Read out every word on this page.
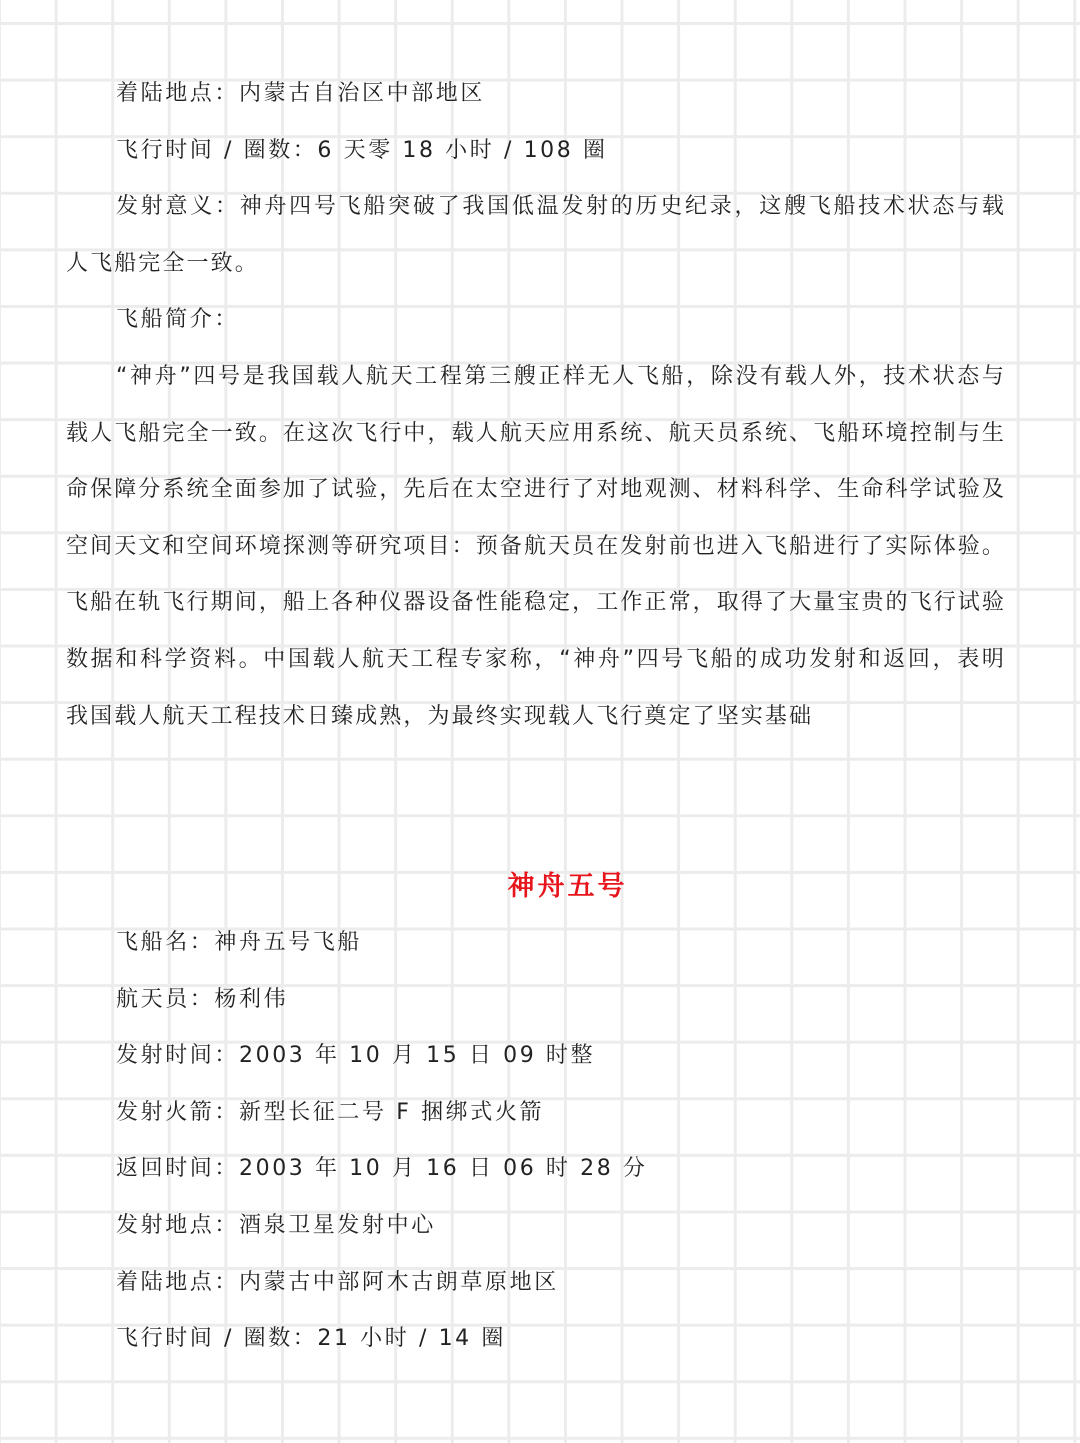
着陆地点：内蒙古自治区中部地区

飞行时间 / 圈数：6 天零 18 小时 / 108 圈

发射意义：神舟四号飞船突破了我国低温发射的历史纪录，这艘飞船技术状态与载人飞船完全一致。

飞船简介：

“神舟”四号是我国载人航天工程第三艘正样无人飞船，除没有载人外，技术状态与载人飞船完全一致。在这次飞行中，载人航天应用系统、航天员系统、飞船环境控制与生命保障分系统全面参加了试验，先后在太空进行了对地观测、材料科学、生命科学试验及空间天文和空间环境探测等研究项目：预备航天员在发射前也进入飞船进行了实际体验。飞船在轨飞行期间，船上各种仪器设备性能稳定，工作正常，取得了大量宝贵的飞行试验数据和科学资料。中国载人航天工程专家称，“神舟”四号飞船的成功发射和返回，表明我国载人航天工程技术日臻成熟，为最终实现载人飞行奠定了坚实基础

神舟五号

飞船名：神舟五号飞船

航天员：杨利伟

发射时间：2003 年 10 月 15 日 09 时整

发射火箭：新型长征二号 F 捆绑式火箭

返回时间：2003 年 10 月 16 日 06 时 28 分

发射地点：酒泉卫星发射中心

着陆地点：内蒙古中部阿木古朗草原地区

飞行时间 / 圈数：21 小时 / 14 圈
